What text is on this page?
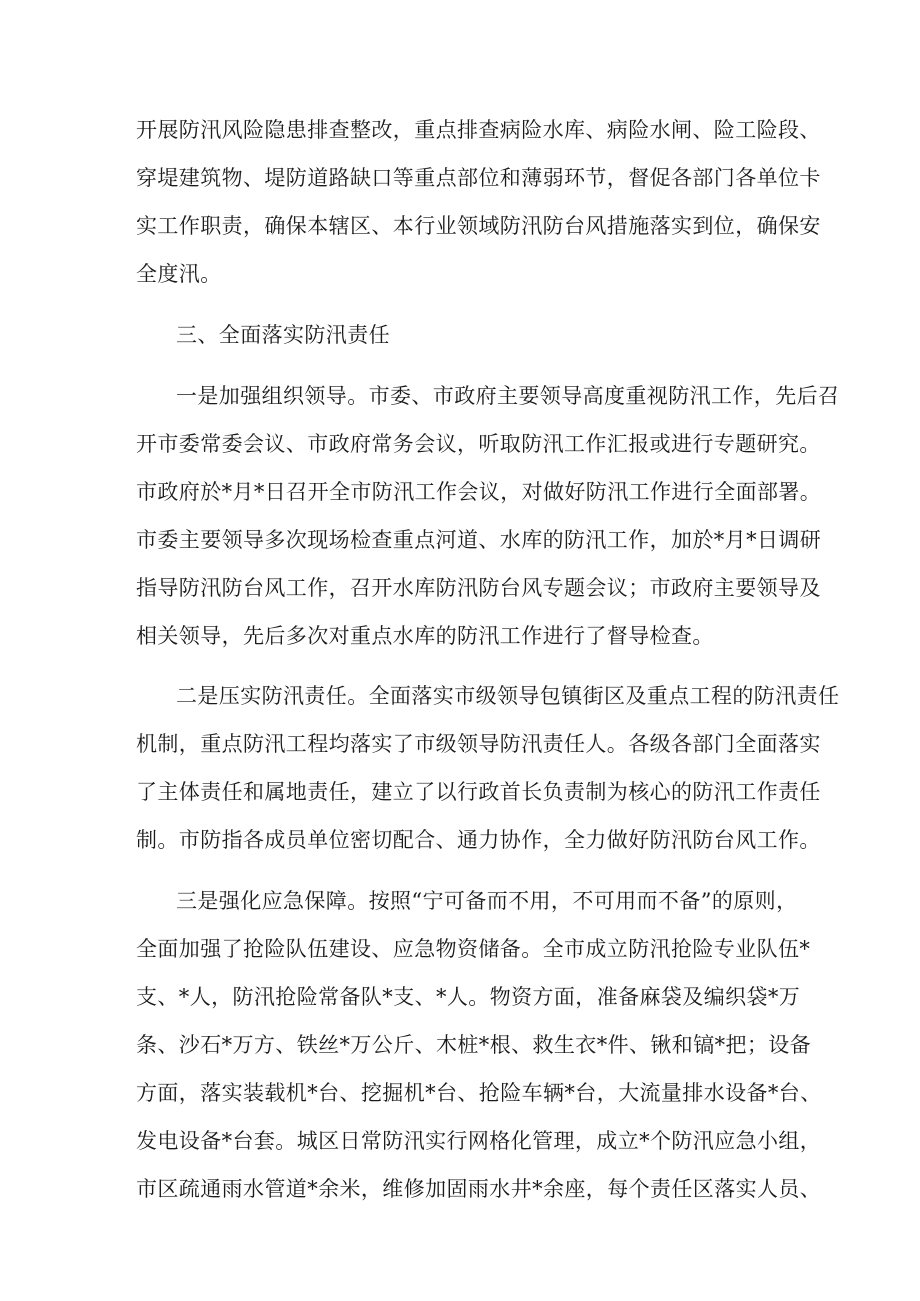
开展防汛风险隐患排查整改，重点排查病险水库、病险水闸、险工险段、
穿堤建筑物、堤防道路缺口等重点部位和薄弱环节，督促各部门各单位卡
实工作职责，确保本辖区、本行业领域防汛防台风措施落实到位，确保安
全度汛。
三、全面落实防汛责任
一是加强组织领导。市委、市政府主要领导高度重视防汛工作，先后召
开市委常委会议、市政府常务会议，听取防汛工作汇报或进行专题研究。
市政府於*月*日召开全市防汛工作会议，对做好防汛工作进行全面部署。
市委主要领导多次现场检查重点河道、水库的防汛工作，加於*月*日调研
指导防汛防台风工作，召开水库防汛防台风专题会议；市政府主要领导及
相关领导，先后多次对重点水库的防汛工作进行了督导检查。
二是压实防汛责任。全面落实市级领导包镇街区及重点工程的防汛责任
机制，重点防汛工程均落实了市级领导防汛责任人。各级各部门全面落实
了主体责任和属地责任，建立了以行政首长负责制为核心的防汛工作责任
制。市防指各成员单位密切配合、通力协作，全力做好防汛防台风工作。
三是强化应急保障。按照“宁可备而不用，不可用而不备”的原则，
全面加强了抢险队伍建设、应急物资储备。全市成立防汛抢险专业队伍*
支、*人，防汛抢险常备队*支、*人。物资方面，准备麻袋及编织袋*万
条、沙石*万方、铁丝*万公斤、木桩*根、救生衣*件、锹和镐*把；设备
方面，落实装载机*台、挖掘机*台、抢险车辆*台，大流量排水设备*台、
发电设备*台套。城区日常防汛实行网格化管理，成立*个防汛应急小组，
市区疏通雨水管道*余米，维修加固雨水井*余座，每个责任区落实人员、
